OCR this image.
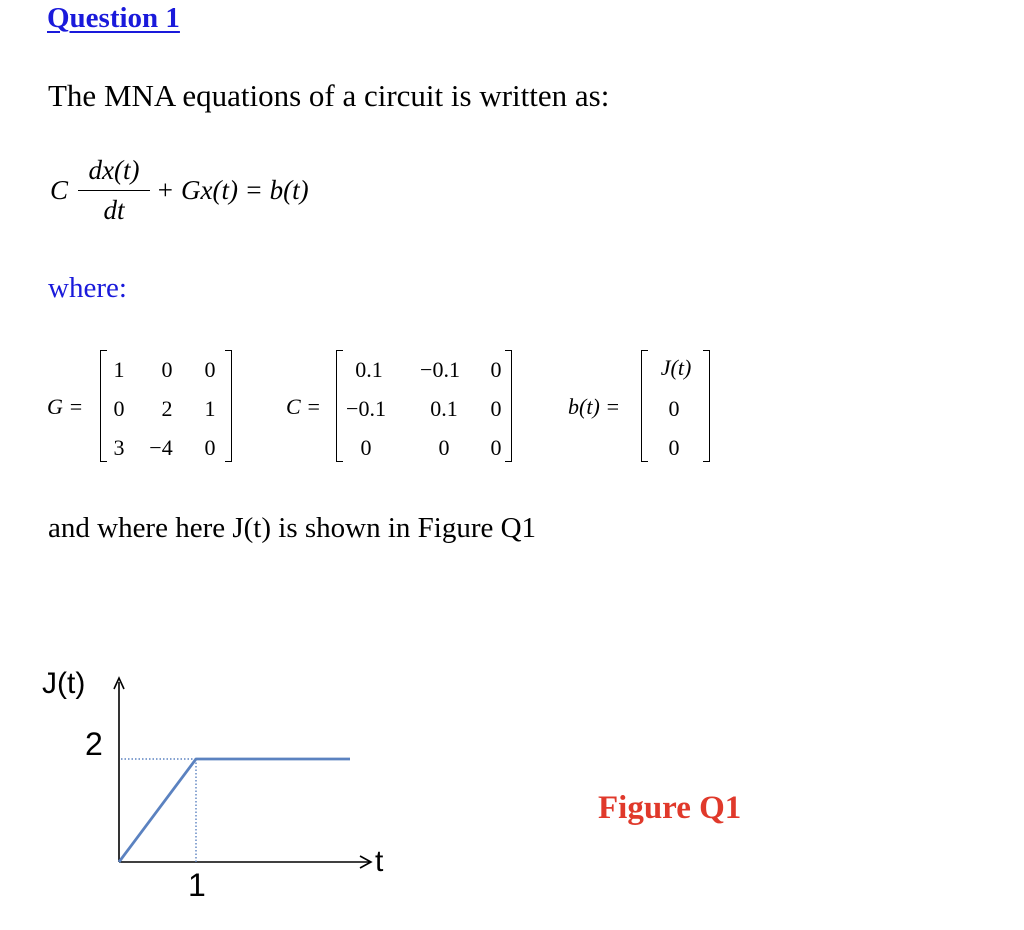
Question 1
The MNA equations of a circuit is written as:
C
dx(t)
dt
+ Gx(t) = b(t)
where:
G =
1	0	0
0	2	1
3	−4	0
C =
0.1	−0.1	0
−0.1	0.1	0
0	0	0
b(t) =
J(t)
0
0
and where here J(t) is shown in Figure Q1
J(t)
t
2
1
Figure Q1
